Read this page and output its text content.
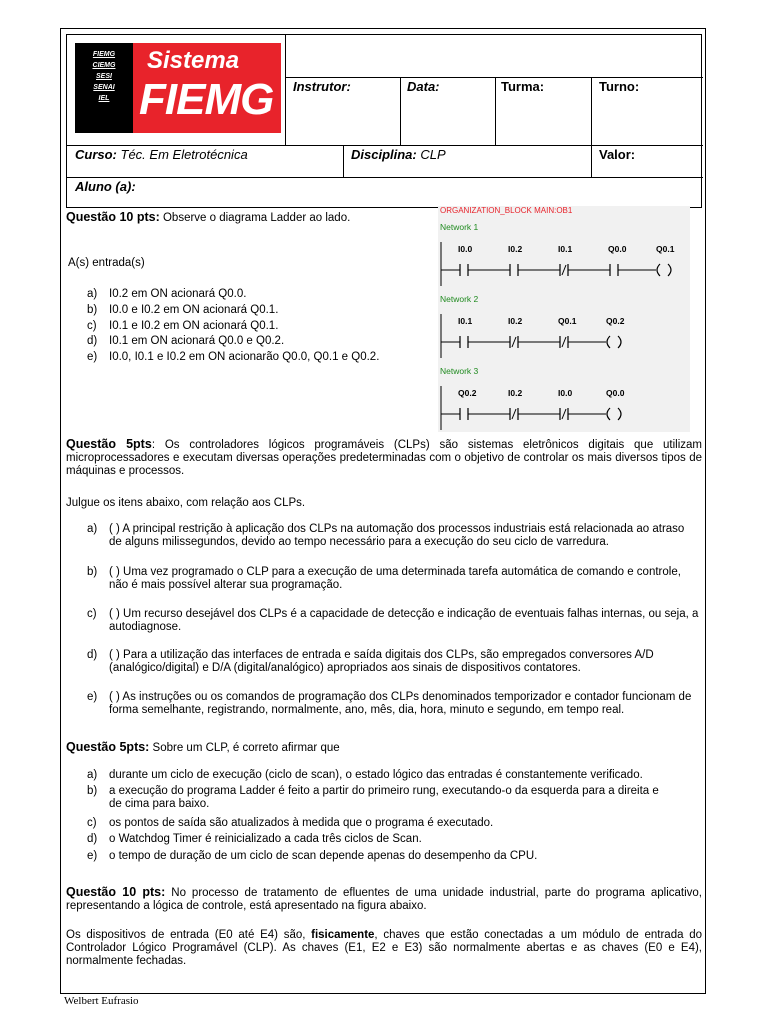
FIEMG
CIEMG
SESI
SENAI
IEL
Sistema
FIEMG Instrutor:	Data:	Turma:	Turno:
Curso: Téc. Em Eletrotécnica	Disciplina: CLP	Valor:
Aluno (a):
ORGANIZATION_BLOCK MAIN:OB1
Network 1
I0.0	I0.2	I0.1	Q0.0	Q0.1
Network 2
I0.1	I0.2	Q0.1	Q0.2
Network 3
Q0.2	I0.2	I0.0	Q0.0
Questão 10 pts: Observe o diagrama Ladder ao lado.
A(s) entrada(s)
a) I0.2 em ON acionará Q0.0.
b) I0.0 e I0.2 em ON acionará Q0.1.
c) I0.1 e I0.2 em ON acionará Q0.1.
d) I0.1 em ON acionará Q0.0 e Q0.2.
e) I0.0, I0.1 e I0.2 em ON acionarão Q0.0, Q0.1 e Q0.2.
Questão 5pts: Os controladores lógicos programáveis (CLPs) são sistemas eletrônicos digitais que utilizam microprocessadores e executam diversas operações predeterminadas com o objetivo de controlar os mais diversos tipos de máquinas e processos.
Julgue os itens abaixo, com relação aos CLPs.
a) ( ) A principal restrição à aplicação dos CLPs na automação dos processos industriais está relacionada ao atraso de alguns milissegundos, devido ao tempo necessário para a execução do seu ciclo de varredura.
b) ( ) Uma vez programado o CLP para a execução de uma determinada tarefa automática de comando e controle, não é mais possível alterar sua programação.
c) ( ) Um recurso desejável dos CLPs é a capacidade de detecção e indicação de eventuais falhas internas, ou seja, a autodiagnose.
d) ( ) Para a utilização das interfaces de entrada e saída digitais dos CLPs, são empregados conversores A/D (analógico/digital) e D/A (digital/analógico) apropriados aos sinais de dispositivos contatores.
e) ( ) As instruções ou os comandos de programação dos CLPs denominados temporizador e contador funcionam de forma semelhante, registrando, normalmente, ano, mês, dia, hora, minuto e segundo, em tempo real.
Questão 5pts: Sobre um CLP, é correto afirmar que
a) durante um ciclo de execução (ciclo de scan), o estado lógico das entradas é constantemente verificado.
b) a execução do programa Ladder é feito a partir do primeiro rung, executando-o da esquerda para a direita e de cima para baixo.
c) os pontos de saída são atualizados à medida que o programa é executado.
d) o Watchdog Timer é reinicializado a cada três ciclos de Scan.
e) o tempo de duração de um ciclo de scan depende apenas do desempenho da CPU.
Questão 10 pts: No processo de tratamento de efluentes de uma unidade industrial, parte do programa aplicativo, representando a lógica de controle, está apresentado na figura abaixo.
Os dispositivos de entrada (E0 até E4) são, fisicamente, chaves que estão conectadas a um módulo de entrada do Controlador Lógico Programável (CLP). As chaves (E1, E2 e E3) são normalmente abertas e as chaves (E0 e E4), normalmente fechadas.
Welbert Eufrasio
